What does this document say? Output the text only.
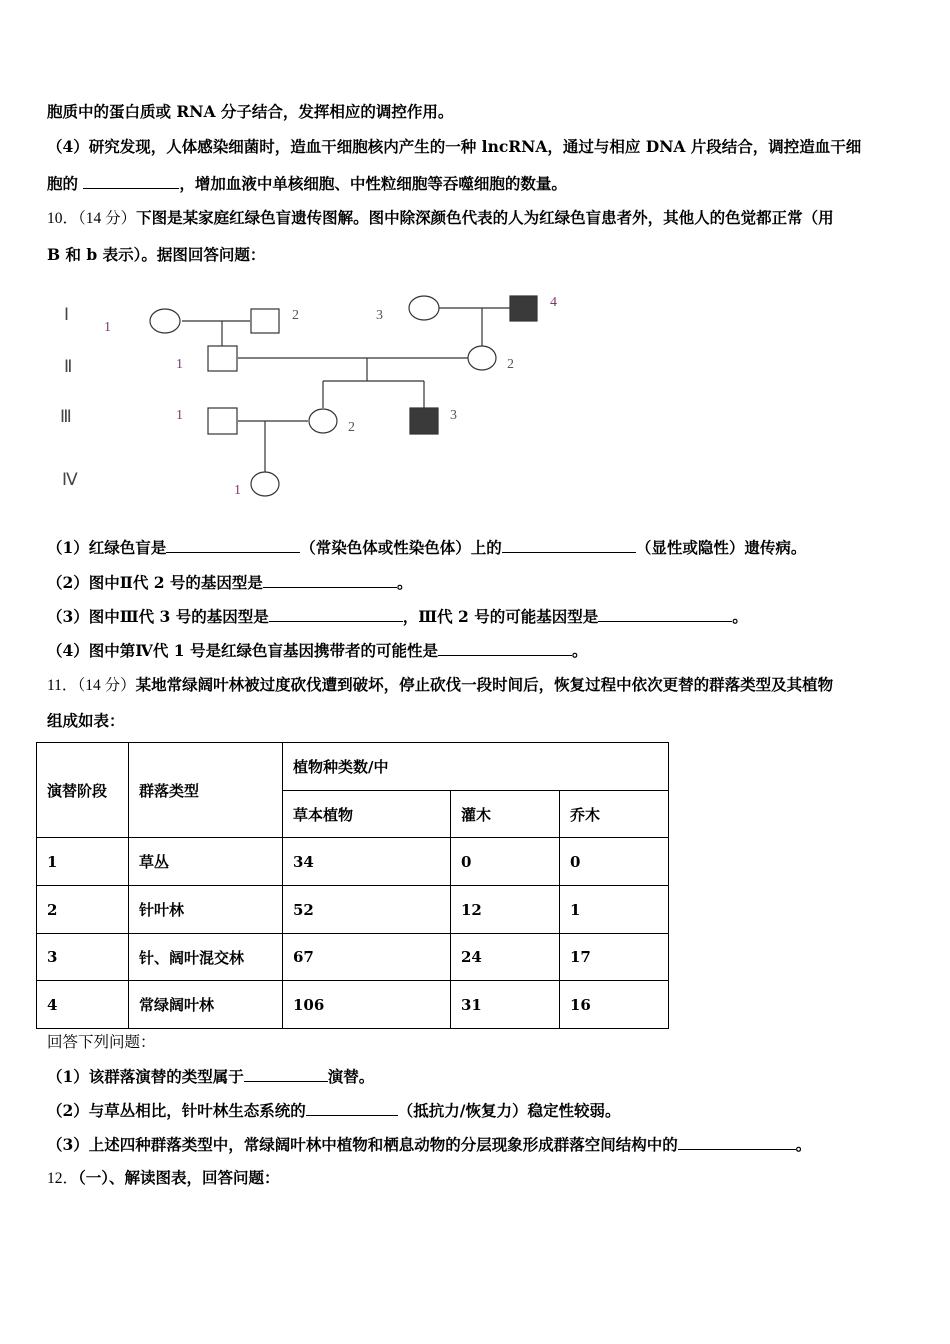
胞质中的蛋白质或 RNA 分子结合，发挥相应的调控作用。
（4）研究发现，人体感染细菌时，造血干细胞核内产生的一种 lncRNA，通过与相应 DNA 片段结合，调控造血干细
胞的	，增加血液中单核细胞、中性粒细胞等吞噬细胞的数量。
10．（14 分）下图是某家庭红绿色盲遗传图解。图中除深颜色代表的人为红绿色盲患者外，其他人的色觉都正常（用
B 和 b 表示）。据图回答问题：
Ⅰ
Ⅱ
Ⅲ
Ⅳ
1
2	3
4
1	2
1
2
3
1
（1）红绿色盲是	（常染色体或性染色体）上的	（显性或隐性）遗传病。
（2）图中Ⅱ代 2 号的基因型是	。
（3）图中Ⅲ代 3 号的基因型是	，Ⅲ代 2 号的可能基因型是	。
（4）图中第Ⅳ代 1 号是红绿色盲基因携带者的可能性是	。
11．（14 分）某地常绿阔叶林被过度砍伐遭到破坏，停止砍伐一段时间后，恢复过程中依次更替的群落类型及其植物
组成如表：
演替阶段	群落类型	植物种类数/中		
		草本植物	灌木	乔木
1	草丛	34	0	0
2	针叶林	52	12	1
3	针、阔叶混交林	67	24	17
4	常绿阔叶林	106	31	16
回答下列问题：
（1）该群落演替的类型属于	演替。
（2）与草丛相比，针叶林生态系统的	（抵抗力/恢复力）稳定性较弱。
（3）上述四种群落类型中，常绿阔叶林中植物和栖息动物的分层现象形成群落空间结构中的	。
12．（一）、解读图表，回答问题：
